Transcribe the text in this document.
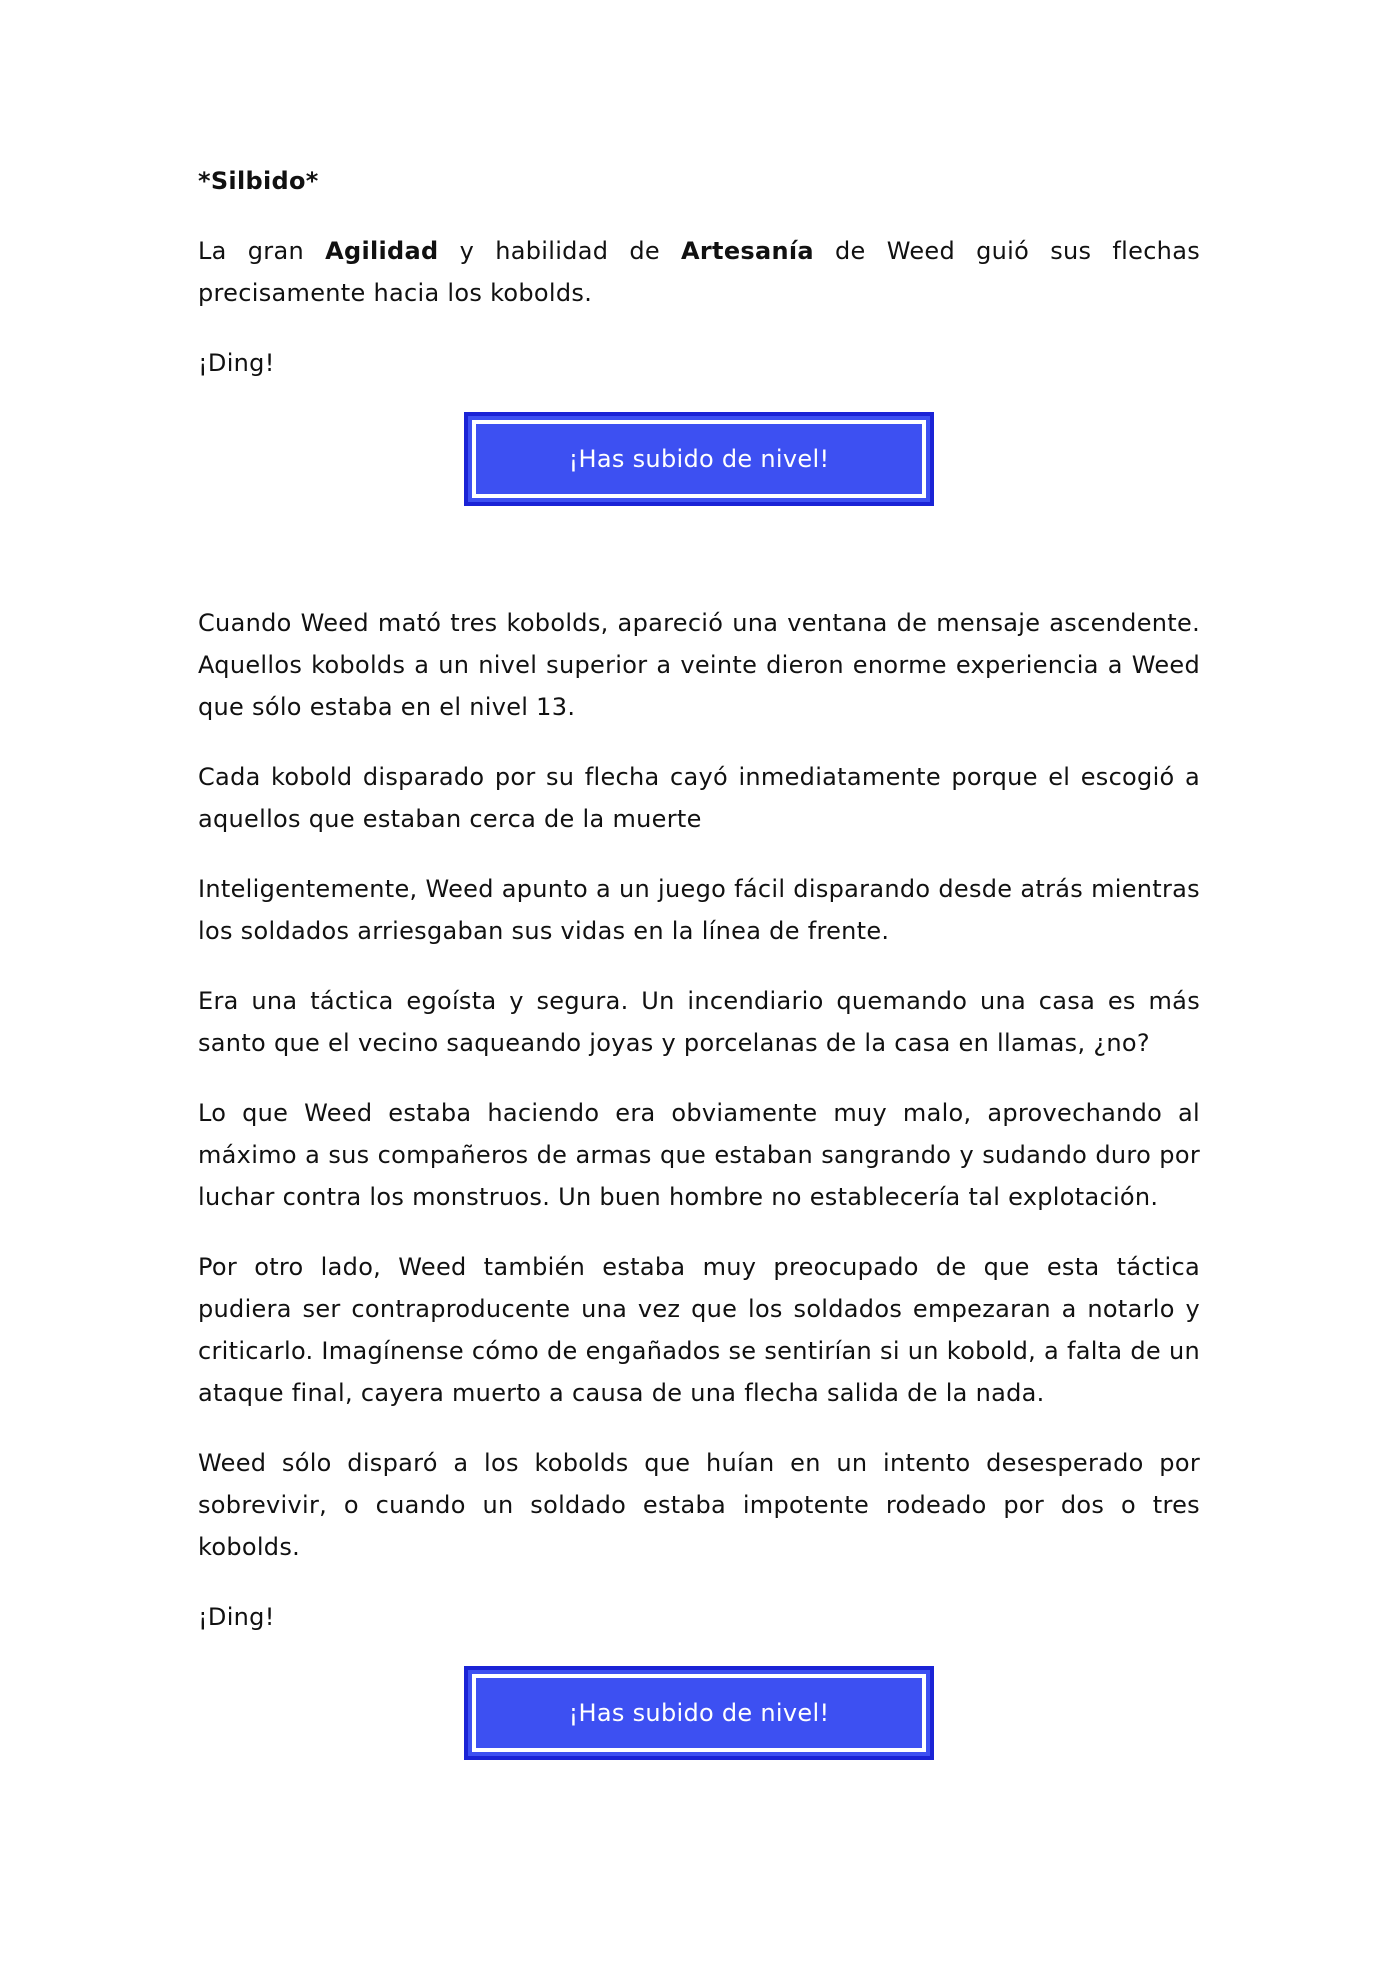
*Silbido*

La gran Agilidad y habilidad de Artesanía de Weed guió sus flechas precisamente hacia los kobolds.

¡Ding!

¡Has subido de nivel!

Cuando Weed mató tres kobolds, apareció una ventana de mensaje ascendente. Aquellos kobolds a un nivel superior a veinte dieron enorme experiencia a Weed que sólo estaba en el nivel 13.

Cada kobold disparado por su flecha cayó inmediatamente porque el escogió a aquellos que estaban cerca de la muerte

Inteligentemente, Weed apunto a un juego fácil disparando desde atrás mientras los soldados arriesgaban sus vidas en la línea de frente.

Era una táctica egoísta y segura. Un incendiario quemando una casa es más santo que el vecino saqueando joyas y porcelanas de la casa en llamas, ¿no?

Lo que Weed estaba haciendo era obviamente muy malo, aprovechando al máximo a sus compañeros de armas que estaban sangrando y sudando duro por luchar contra los monstruos. Un buen hombre no establecería tal explotación.

Por otro lado, Weed también estaba muy preocupado de que esta táctica pudiera ser contraproducente una vez que los soldados empezaran a notarlo y criticarlo. Imagínense cómo de engañados se sentirían si un kobold, a falta de un ataque final, cayera muerto a causa de una flecha salida de la nada.

Weed sólo disparó a los kobolds que huían en un intento desesperado por sobrevivir, o cuando un soldado estaba impotente rodeado por dos o tres kobolds.

¡Ding!

¡Has subido de nivel!
